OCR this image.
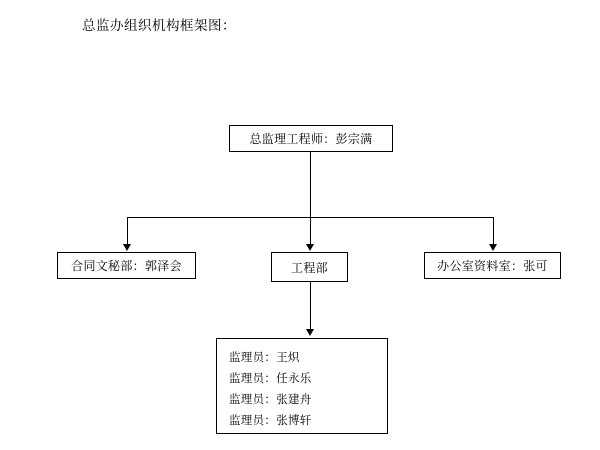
总监办组织机构框架图：
总监理工程师：彭宗满
合同文秘部：郭泽会	工程部	办公室资料室：张可
监理员：王炽
监理员：任永乐
监理员：张建舟
监理员：张博轩
